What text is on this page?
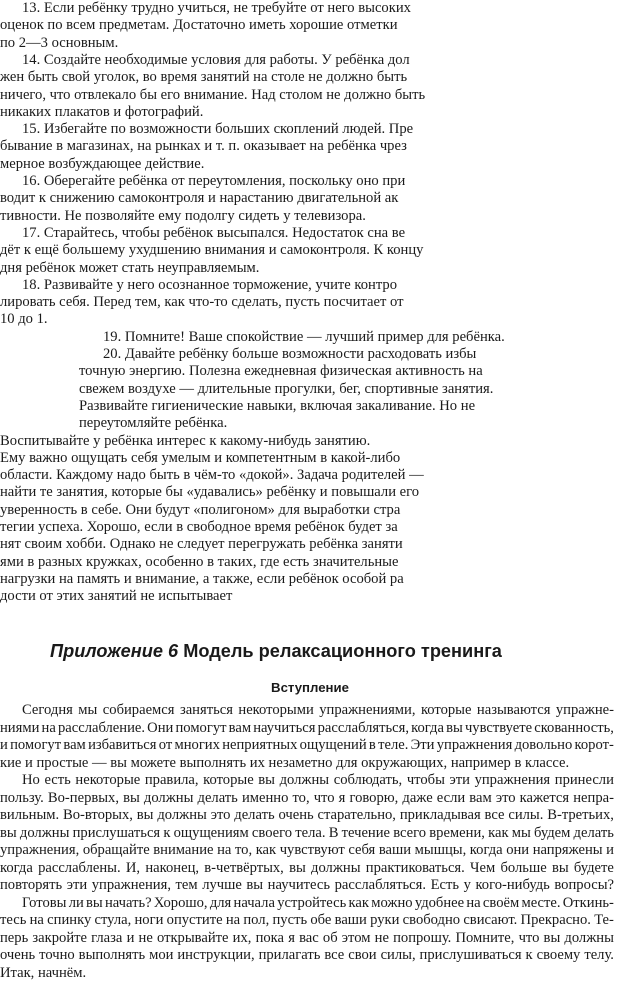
13. Если ребёнку трудно учиться, не требуйте от него высоких
оценок по всем предметам. Достаточно иметь хорошие отметки
по 2—3 основным.
14. Создайте необходимые условия для работы. У ребёнка дол
жен быть свой уголок, во время занятий на столе не должно быть
ничего, что отвлекало бы его внимание. Над столом не должно быть
никаких плакатов и фотографий.
15. Избегайте по возможности больших скоплений людей. Пре
бывание в магазинах, на рынках и т. п. оказывает на ребёнка чрез
мерное возбуждающее действие.
16. Оберегайте ребёнка от переутомления, поскольку оно при
водит к снижению самоконтроля и нарастанию двигательной ак
тивности. Не позволяйте ему подолгу сидеть у телевизора.
17. Старайтесь, чтобы ребёнок высыпался. Недостаток сна ве
дёт к ещё большему ухудшению внимания и самоконтроля. К концу
дня ребёнок может стать неуправляемым.
18. Развивайте у него осознанное торможение, учите контро
лировать себя. Перед тем, как что-то сделать, пусть посчитает от
10 до 1.
19. Помните! Ваше спокойствие — лучший пример для ребёнка.
20. Давайте ребёнку больше возможности расходовать избы
точную энергию. Полезна ежедневная физическая активность на
свежем воздухе — длительные прогулки, бег, спортивные занятия.
Развивайте гигиенические навыки, включая закаливание. Но не
переутомляйте ребёнка.
Воспитывайте у ребёнка интерес к какому-нибудь занятию.
Ему важно ощущать себя умелым и компетентным в какой-либо
области. Каждому надо быть в чём-то «докой». Задача родителей —
найти те занятия, которые бы «удавались» ребёнку и повышали его
уверенность в себе. Они будут «полигоном» для выработки стра
тегии успеха. Хорошо, если в свободное время ребёнок будет за
нят своим хобби. Однако не следует перегружать ребёнка заняти
ями в разных кружках, особенно в таких, где есть значительные
нагрузки на память и внимание, а также, если ребёнок особой ра
дости от этих занятий не испытывает
Приложение 6 Модель релаксационного тренинга
Вступление
Сегодня мы собираемся заняться некоторыми упражнениями, которые называются упражне-
ниями на расслабление. Они помогут вам научиться расслабляться, когда вы чувствуете скованность,
и помогут вам избавиться от многих неприятных ощущений в теле. Эти упражнения довольно корот-
кие и простые — вы можете выполнять их незаметно для окружающих, например в классе.
Но есть некоторые правила, которые вы должны соблюдать, чтобы эти упражнения принесли
пользу. Во-первых, вы должны делать именно то, что я говорю, даже если вам это кажется непра-
вильным. Во-вторых, вы должны это делать очень старательно, прикладывая все силы. В-третьих,
вы должны прислушаться к ощущениям своего тела. В течение всего времени, как мы будем делать
упражнения, обращайте внимание на то, как чувствуют себя ваши мышцы, когда они напряжены и
когда расслаблены. И, наконец, в-четвёртых, вы должны практиковаться. Чем больше вы будете
повторять эти упражнения, тем лучше вы научитесь расслабляться. Есть у кого-нибудь вопросы?
Готовы ли вы начать? Хорошо, для начала устройтесь как можно удобнее на своём месте. Откинь-
тесь на спинку стула, ноги опустите на пол, пусть обе ваши руки свободно свисают. Прекрасно. Те-
перь закройте глаза и не открывайте их, пока я вас об этом не попрошу. Помните, что вы должны
очень точно выполнять мои инструкции, прилагать все свои силы, прислушиваться к своему телу.
Итак, начнём.
